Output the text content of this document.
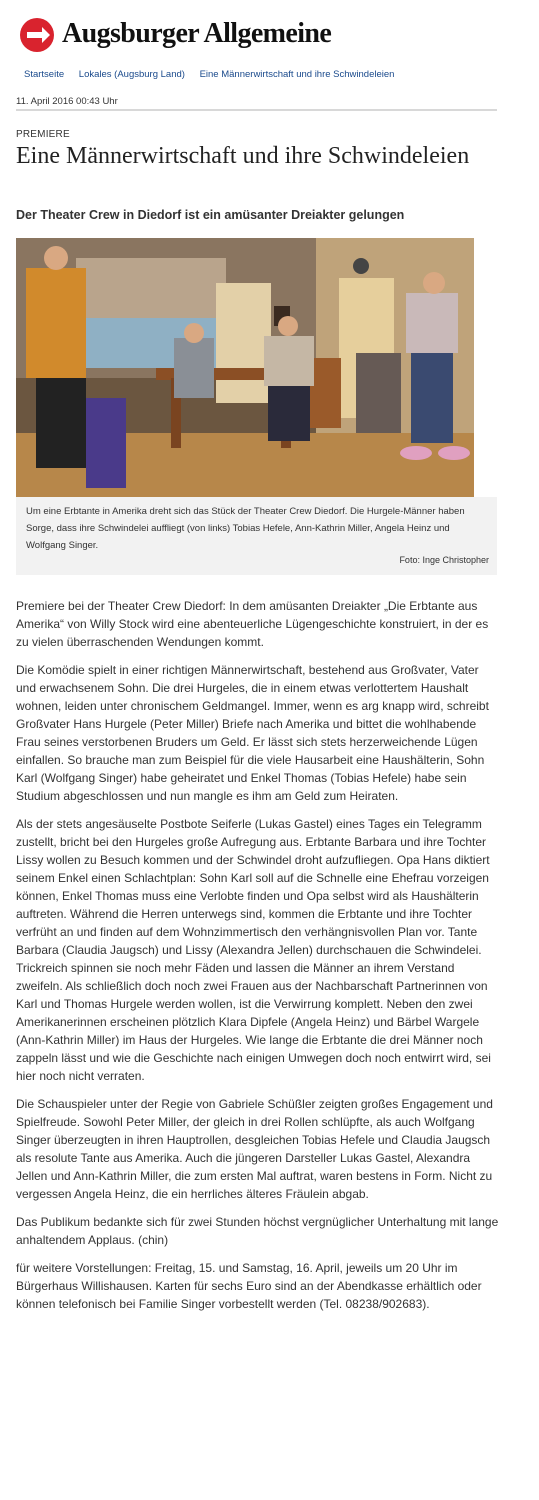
Augsburger Allgemeine
Startseite Lokales (Augsburg Land) Eine Männerwirtschaft und ihre Schwindeleien
11. April 2016 00:43 Uhr
PREMIERE
Eine Männerwirtschaft und ihre Schwindeleien
Der Theater Crew in Diedorf ist ein amüsanter Dreiakter gelungen
Um eine Erbtante in Amerika dreht sich das Stück der Theater Crew Diedorf. Die Hurgele-Männer haben Sorge, dass ihre Schwindelei auffliegt (von links) Tobias Hefele, Ann-Kathrin Miller, Angela Heinz und Wolfgang Singer.
Foto: Inge Christopher

Premiere bei der Theater Crew Diedorf: In dem amüsanten Dreiakter „Die Erbtante aus Amerika“ von Willy Stock wird eine abenteuerliche Lügengeschichte konstruiert, in der es zu vielen überraschenden Wendungen kommt.

Die Komödie spielt in einer richtigen Männerwirtschaft, bestehend aus Großvater, Vater und erwachsenem Sohn. Die drei Hurgeles, die in einem etwas verlottertem Haushalt wohnen, leiden unter chronischem Geldmangel. Immer, wenn es arg knapp wird, schreibt Großvater Hans Hurgele (Peter Miller) Briefe nach Amerika und bittet die wohlhabende Frau seines verstorbenen Bruders um Geld. Er lässt sich stets herzerweichende Lügen einfallen. So brauche man zum Beispiel für die viele Hausarbeit eine Haushälterin, Sohn Karl (Wolfgang Singer) habe geheiratet und Enkel Thomas (Tobias Hefele) habe sein Studium abgeschlossen und nun mangle es ihm am Geld zum Heiraten.

Als der stets angesäuselte Postbote Seiferle (Lukas Gastel) eines Tages ein Telegramm zustellt, bricht bei den Hurgeles große Aufregung aus. Erbtante Barbara und ihre Tochter Lissy wollen zu Besuch kommen und der Schwindel droht aufzufliegen. Opa Hans diktiert seinem Enkel einen Schlachtplan: Sohn Karl soll auf die Schnelle eine Ehefrau vorzeigen können, Enkel Thomas muss eine Verlobte finden und Opa selbst wird als Haushälterin auftreten. Während die Herren unterwegs sind, kommen die Erbtante und ihre Tochter verfrüht an und finden auf dem Wohnzimmertisch den verhängnisvollen Plan vor. Tante Barbara (Claudia Jaugsch) und Lissy (Alexandra Jellen) durchschauen die Schwindelei. Trickreich spinnen sie noch mehr Fäden und lassen die Männer an ihrem Verstand zweifeln. Als schließlich doch noch zwei Frauen aus der Nachbarschaft Partnerinnen von Karl und Thomas Hurgele werden wollen, ist die Verwirrung komplett. Neben den zwei Amerikanerinnen erscheinen plötzlich Klara Dipfele (Angela Heinz) und Bärbel Wargele (Ann-Kathrin Miller) im Haus der Hurgeles. Wie lange die Erbtante die drei Männer noch zappeln lässt und wie die Geschichte nach einigen Umwegen doch noch entwirrt wird, sei hier noch nicht verraten.

Die Schauspieler unter der Regie von Gabriele Schüßler zeigten großes Engagement und Spielfreude. Sowohl Peter Miller, der gleich in drei Rollen schlüpfte, als auch Wolfgang Singer überzeugten in ihren Hauptrollen, desgleichen Tobias Hefele und Claudia Jaugsch als resolute Tante aus Amerika. Auch die jüngeren Darsteller Lukas Gastel, Alexandra Jellen und Ann-Kathrin Miller, die zum ersten Mal auftrat, waren bestens in Form. Nicht zu vergessen Angela Heinz, die ein herrliches älteres Fräulein abgab.

Das Publikum bedankte sich für zwei Stunden höchst vergnüglicher Unterhaltung mit lange anhaltendem Applaus. (chin)

für weitere Vorstellungen: Freitag, 15. und Samstag, 16. April, jeweils um 20 Uhr im Bürgerhaus Willishausen. Karten für sechs Euro sind an der Abendkasse erhältlich oder können telefonisch bei Familie Singer vorbestellt werden (Tel. 08238/902683).
